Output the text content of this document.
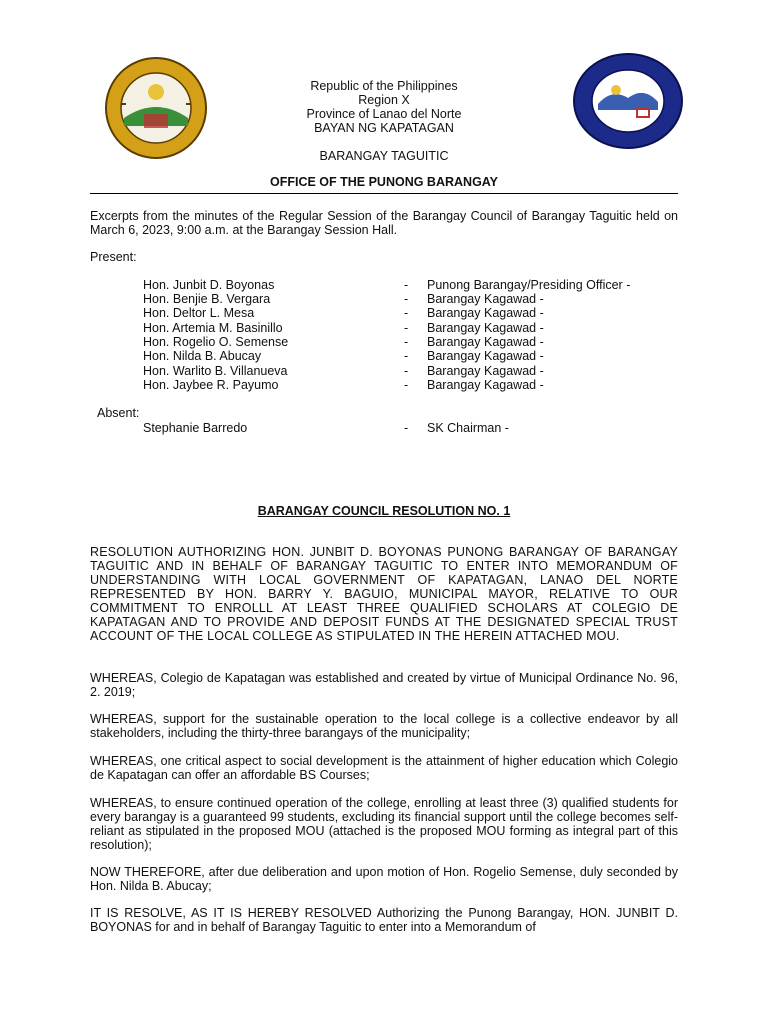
Republic of the Philippines
Region X
Province of Lanao del Norte
BAYAN NG KAPATAGAN
BARANGAY TAGUITIC
OFFICE OF THE PUNONG BARANGAY

Excerpts from the minutes of the Regular Session of the Barangay Council of Barangay Taguitic held on March 6, 2023, 9:00 a.m. at the Barangay Session Hall.

Present:
Hon. Junbit D. Boyonas	- Punong Barangay/Presiding Officer -
Hon. Benjie B. Vergara	- Barangay Kagawad -
Hon. Deltor L. Mesa	- Barangay Kagawad -
Hon. Artemia M. Basinillo	- Barangay Kagawad -
Hon. Rogelio O. Semense	- Barangay Kagawad -
Hon. Nilda B. Abucay	- Barangay Kagawad -
Hon. Warlito B. Villanueva	- Barangay Kagawad -
Hon. Jaybee R. Payumo	- Barangay Kagawad -
Absent:
Stephanie Barredo	- SK Chairman -
BARANGAY COUNCIL RESOLUTION NO. 1

RESOLUTION AUTHORIZING HON. JUNBIT D. BOYONAS PUNONG BARANGAY OF BARANGAY TAGUITIC AND IN BEHALF OF BARANGAY TAGUITIC TO ENTER INTO MEMORANDUM OF UNDERSTANDING WITH LOCAL GOVERNMENT OF KAPATAGAN, LANAO DEL NORTE REPRESENTED BY HON. BARRY Y. BAGUIO, MUNICIPAL MAYOR, RELATIVE TO OUR COMMITMENT TO ENROLLL AT LEAST THREE QUALIFIED SCHOLARS AT COLEGIO DE KAPATAGAN AND TO PROVIDE AND DEPOSIT FUNDS AT THE DESIGNATED SPECIAL TRUST ACCOUNT OF THE LOCAL COLLEGE AS STIPULATED IN THE HEREIN ATTACHED MOU.

WHEREAS, Colegio de Kapatagan was established and created by virtue of Municipal Ordinance No. 96, 2. 2019;

WHEREAS, support for the sustainable operation to the local college is a collective endeavor by all stakeholders, including the thirty-three barangays of the municipality;

WHEREAS, one critical aspect to social development is the attainment of higher education which Colegio de Kapatagan can offer an affordable BS Courses;

WHEREAS, to ensure continued operation of the college, enrolling at least three (3) qualified students for every barangay is a guaranteed 99 students, excluding its financial support until the college becomes self-reliant as stipulated in the proposed MOU (attached is the proposed MOU forming as integral part of this resolution);

NOW THEREFORE, after due deliberation and upon motion of Hon. Rogelio Semense, duly seconded by Hon. Nilda B. Abucay;

IT IS RESOLVE, AS IT IS HEREBY RESOLVED Authorizing the Punong Barangay, HON. JUNBIT D. BOYONAS for and in behalf of Barangay Taguitic to enter into a Memorandum of
